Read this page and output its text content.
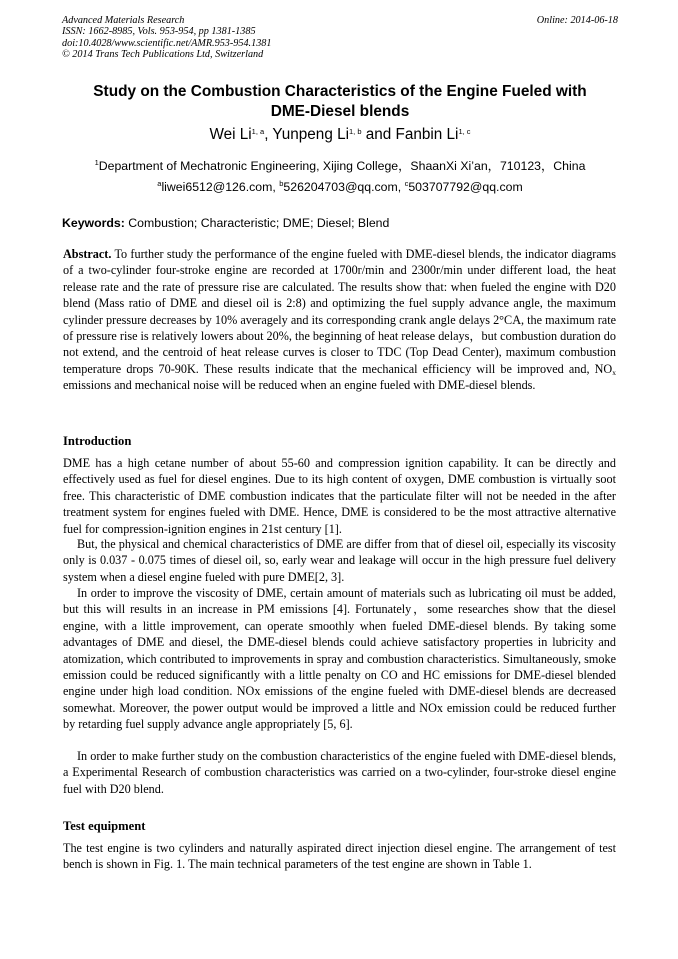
Advanced Materials Research
ISSN: 1662-8985, Vols. 953-954, pp 1381-1385
doi:10.4028/www.scientific.net/AMR.953-954.1381
© 2014 Trans Tech Publications Ltd, Switzerland
Online: 2014-06-18
Study on the Combustion Characteristics of the Engine Fueled with
DME-Diesel blends
Wei Li$^{1, a}$, Yunpeng Li$^{1, b}$ and Fanbin Li$^{1, c}$
$^1$Department of Mechatronic Engineering, Xijing College，ShaanXi Xi’an，710123，China
$^a$liwei6512@126.com, $^b$526204703@qq.com, $^c$503707792@qq.com
Keywords: Combustion; Characteristic; DME; Diesel; Blend
Abstract. To further study the performance of the engine fueled with DME-diesel blends, the indicator diagrams of a two-cylinder four-stroke engine are recorded at 1700r/min and 2300r/min under different load, the heat release rate and the rate of pressure rise are calculated. The results show that: when fueled the engine with D20 blend (Mass ratio of DME and diesel oil is 2:8) and optimizing the fuel supply advance angle, the maximum cylinder pressure decreases by 10% averagely and its corresponding crank angle delays 2°CA, the maximum rate of pressure rise is relatively lowers about 20%, the beginning of heat release delays，but combustion duration do not extend, and the centroid of heat release curves is closer to TDC (Top Dead Center), maximum combustion temperature drops 70-90K. These results indicate that the mechanical efficiency will be improved and, $NO_x$ emissions and mechanical noise will be reduced when an engine fueled with DME-diesel blends.
Introduction

DME has a high cetane number of about 55-60 and compression ignition capability. It can be directly and effectively used as fuel for diesel engines. Due to its high content of oxygen, DME combustion is virtually soot free. This characteristic of DME combustion indicates that the particulate filter will not be needed in the after treatment system for engines fueled with DME. Hence, DME is considered to be the most attractive alternative fuel for compression-ignition engines in 21st century [1].

But, the physical and chemical characteristics of DME are differ from that of diesel oil, especially its viscosity only is 0.037 - 0.075 times of diesel oil, so, early wear and leakage will occur in the high pressure fuel delivery system when a diesel engine fueled with pure DME[2, 3].

In order to improve the viscosity of DME, certain amount of materials such as lubricating oil must be added, but this will results in an increase in PM emissions [4]. Fortunately，some researches show that the diesel engine, with a little improvement, can operate smoothly when fueled DME-diesel blends. By taking some advantages of DME and diesel, the DME-diesel blends could achieve satisfactory properties in lubricity and atomization, which contributed to improvements in spray and combustion characteristics. Simultaneously, smoke emission could be reduced significantly with a little penalty on CO and HC emissions for DME-diesel blended engine under high load condition. NOx emissions of the engine fueled with DME-diesel blends are decreased somewhat. Moreover, the power output would be improved a little and NOx emission could be reduced further by retarding fuel supply advance angle appropriately [5, 6].

In order to make further study on the combustion characteristics of the engine fueled with DME-diesel blends, a Experimental Research of combustion characteristics was carried on a two-cylinder, four-stroke diesel engine fuel with D20 blend.

Test equipment

The test engine is two cylinders and naturally aspirated direct injection diesel engine. The arrangement of test bench is shown in Fig. 1. The main technical parameters of the test engine are shown in Table 1.
